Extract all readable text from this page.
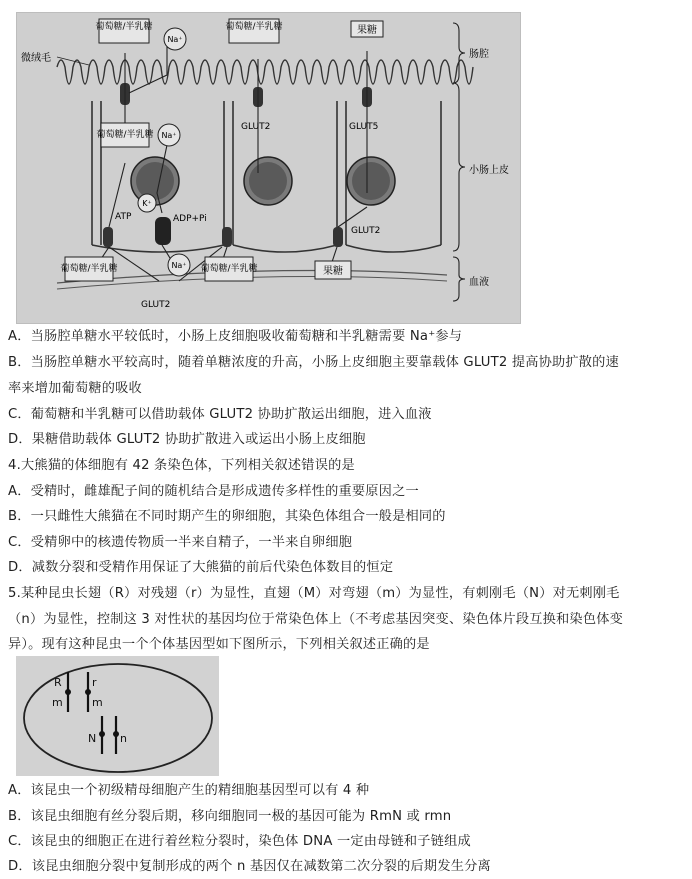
葡萄糖/半乳糖	葡萄糖/半乳糖	果糖
葡萄糖/半乳糖
葡萄糖/半乳糖	葡萄糖/半乳糖	果糖
Na⁺
Na⁺
K⁺
Na⁺
微绒毛
GLUT2	GLUT5
GLUT2
ATP	ADP+Pi
GLUT2
肠腔
小肠上皮
血液
A．当肠腔单糖水平较低时，小肠上皮细胞吸收葡萄糖和半乳糖需要 Na⁺参与
B．当肠腔单糖水平较高时，随着单糖浓度的升高，小肠上皮细胞主要靠载体 GLUT2 提高协助扩散的速
率来增加葡萄糖的吸收
C．葡萄糖和半乳糖可以借助载体 GLUT2 协助扩散运出细胞，进入血液
D．果糖借助载体 GLUT2 协助扩散进入或运出小肠上皮细胞
4.大熊猫的体细胞有 42 条染色体，下列相关叙述错误的是
A．受精时，雌雄配子间的随机结合是形成遗传多样性的重要原因之一
B．一只雌性大熊猫在不同时期产生的卵细胞，其染色体组合一般是相同的
C．受精卵中的核遗传物质一半来自精子，一半来自卵细胞
D．减数分裂和受精作用保证了大熊猫的前后代染色体数目的恒定
5.某种昆虫长翅（R）对残翅（r）为显性，直翅（M）对弯翅（m）为显性，有刺刚毛（N）对无刺刚毛
（n）为显性，控制这 3 对性状的基因均位于常染色体上（不考虑基因突变、染色体片段互换和染色体变
异）。现有这种昆虫一个个体基因型如下图所示，下列相关叙述正确的是
R	r
m	m
N n
A．该昆虫一个初级精母细胞产生的精细胞基因型可以有 4 种
B．该昆虫细胞有丝分裂后期，移向细胞同一极的基因可能为 RmN 或 rmn
C．该昆虫的细胞正在进行着丝粒分裂时，染色体 DNA 一定由母链和子链组成
D．该昆虫细胞分裂中复制形成的两个 n 基因仅在减数第二次分裂的后期发生分离
